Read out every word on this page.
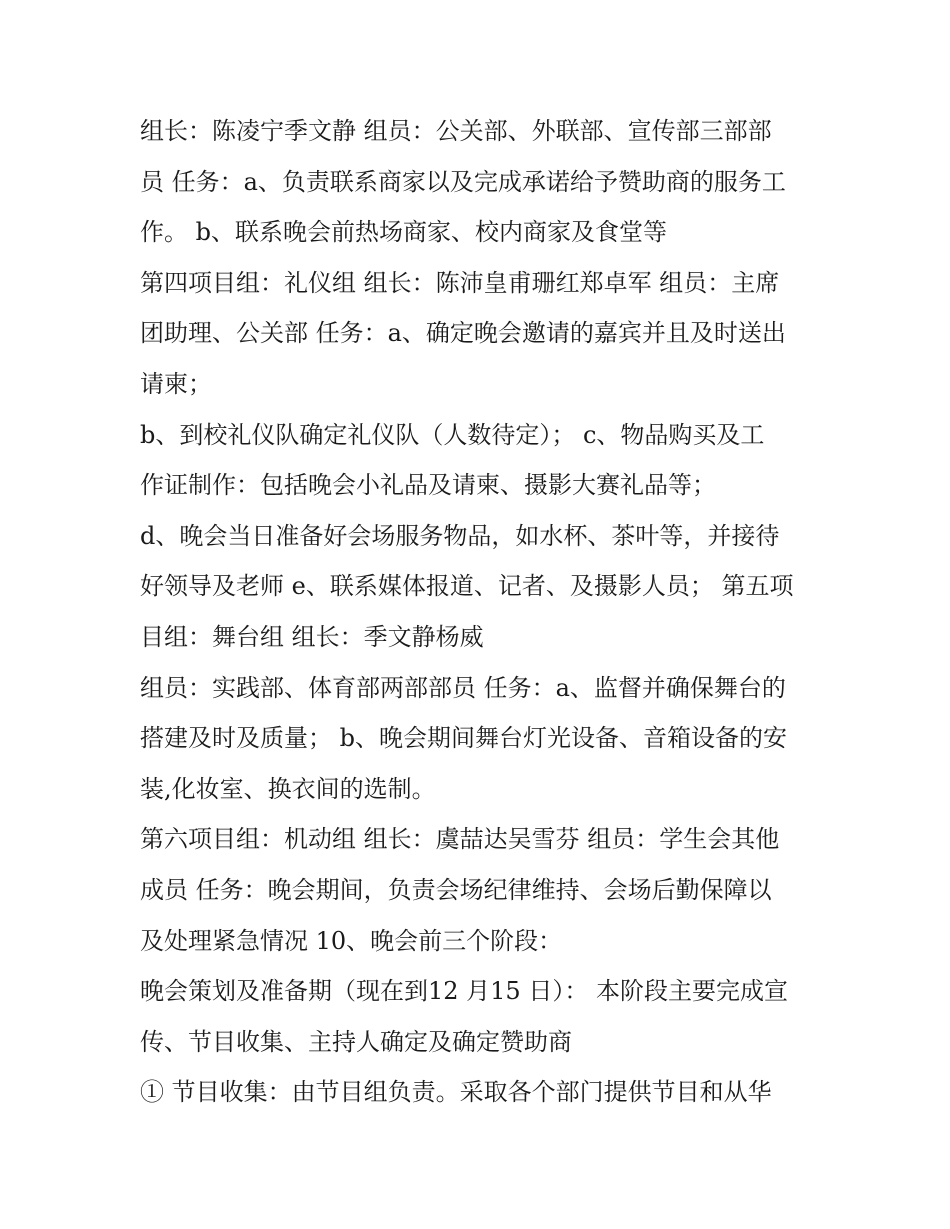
组长：陈凌宁季文静 组员：公关部、外联部、宣传部三部部
员 任务：a、负责联系商家以及完成承诺给予赞助商的服务工
作。 b、联系晚会前热场商家、校内商家及食堂等

第四项目组：礼仪组 组长：陈沛皇甫珊红郑卓军 组员：主席
团助理、公关部 任务：a、确定晚会邀请的嘉宾并且及时送出
请柬；

b、到校礼仪队确定礼仪队（人数待定）； c、物品购买及工
作证制作：包括晚会小礼品及请柬、摄影大赛礼品等；

d、晚会当日准备好会场服务物品，如水杯、茶叶等，并接待
好领导及老师 e、联系媒体报道、记者、及摄影人员； 第五项
目组：舞台组 组长：季文静杨威

组员：实践部、体育部两部部员 任务：a、监督并确保舞台的
搭建及时及质量； b、晚会期间舞台灯光设备、音箱设备的安
装,化妆室、换衣间的选制。

第六项目组：机动组 组长：虞喆达吴雪芬 组员：学生会其他
成员 任务：晚会期间，负责会场纪律维持、会场后勤保障以
及处理紧急情况 10、晚会前三个阶段：

晚会策划及准备期（现在到12 月15 日）： 本阶段主要完成宣
传、节目收集、主持人确定及确定赞助商

① 节目收集：由节目组负责。采取各个部门提供节目和从华
